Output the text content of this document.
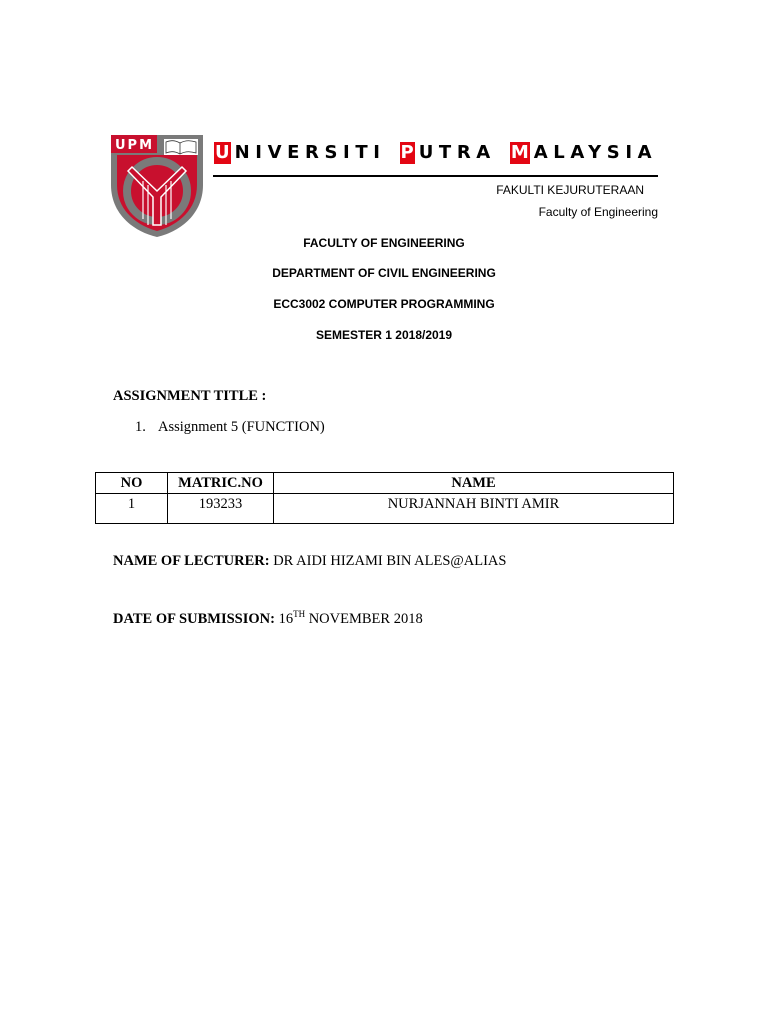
UPM	U NIVERSITI P UTRA M ALAYSIA
FAKULTI KEJURUTERAAN
Faculty of Engineering
FACULTY OF ENGINEERING
DEPARTMENT OF CIVIL ENGINEERING
ECC3002 COMPUTER PROGRAMMING
SEMESTER 1 2018/2019
ASSIGNMENT TITLE :
1. Assignment 5 (FUNCTION)
NO	MATRIC.NO	NAME
1	193233	NURJANNAH BINTI AMIR
NAME OF LECTURER: DR AIDI HIZAMI BIN ALES@ALIAS
DATE OF SUBMISSION: 16TH NOVEMBER 2018
